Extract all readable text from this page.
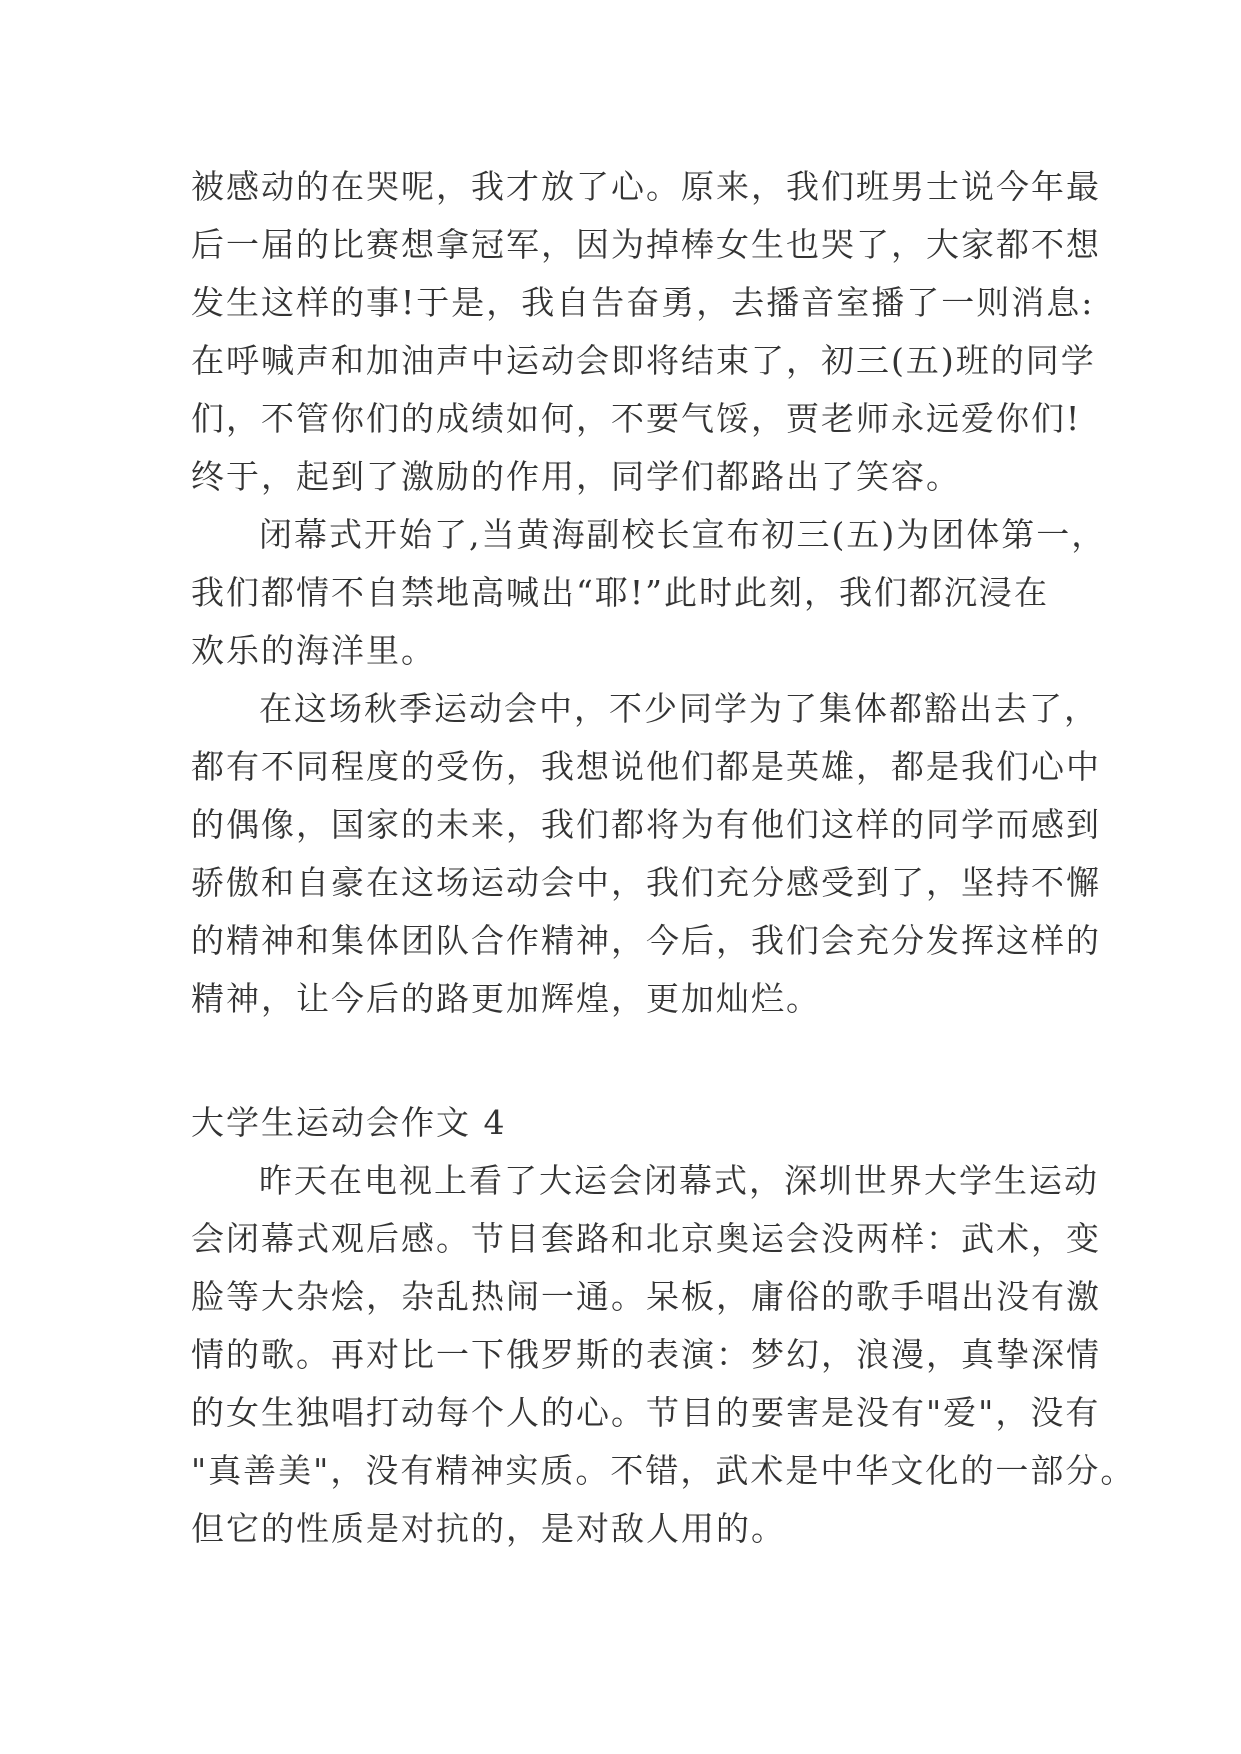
被感动的在哭呢，我才放了心。原来，我们班男士说今年最
后一届的比赛想拿冠军，因为掉棒女生也哭了，大家都不想
发生这样的事!于是，我自告奋勇，去播音室播了一则消息:
在呼喊声和加油声中运动会即将结束了，初三(五)班的同学
们，不管你们的成绩如何，不要气馁，贾老师永远爱你们!
终于，起到了激励的作用，同学们都路出了笑容。
闭幕式开始了,当黄海副校长宣布初三(五)为团体第一，
我们都情不自禁地高喊出“耶!”此时此刻，我们都沉浸在
欢乐的海洋里。
在这场秋季运动会中，不少同学为了集体都豁出去了，
都有不同程度的受伤，我想说他们都是英雄，都是我们心中
的偶像，国家的未来，我们都将为有他们这样的同学而感到
骄傲和自豪在这场运动会中，我们充分感受到了，坚持不懈
的精神和集体团队合作精神，今后，我们会充分发挥这样的
精神，让今后的路更加辉煌，更加灿烂。
大学生运动会作文 4
昨天在电视上看了大运会闭幕式，深圳世界大学生运动
会闭幕式观后感。节目套路和北京奥运会没两样：武术，变
脸等大杂烩，杂乱热闹一通。呆板，庸俗的歌手唱出没有激
情的歌。再对比一下俄罗斯的表演：梦幻，浪漫，真挚深情
的女生独唱打动每个人的心。节目的要害是没有"爱"，没有
"真善美"，没有精神实质。不错，武术是中华文化的一部分。
但它的性质是对抗的，是对敌人用的。
